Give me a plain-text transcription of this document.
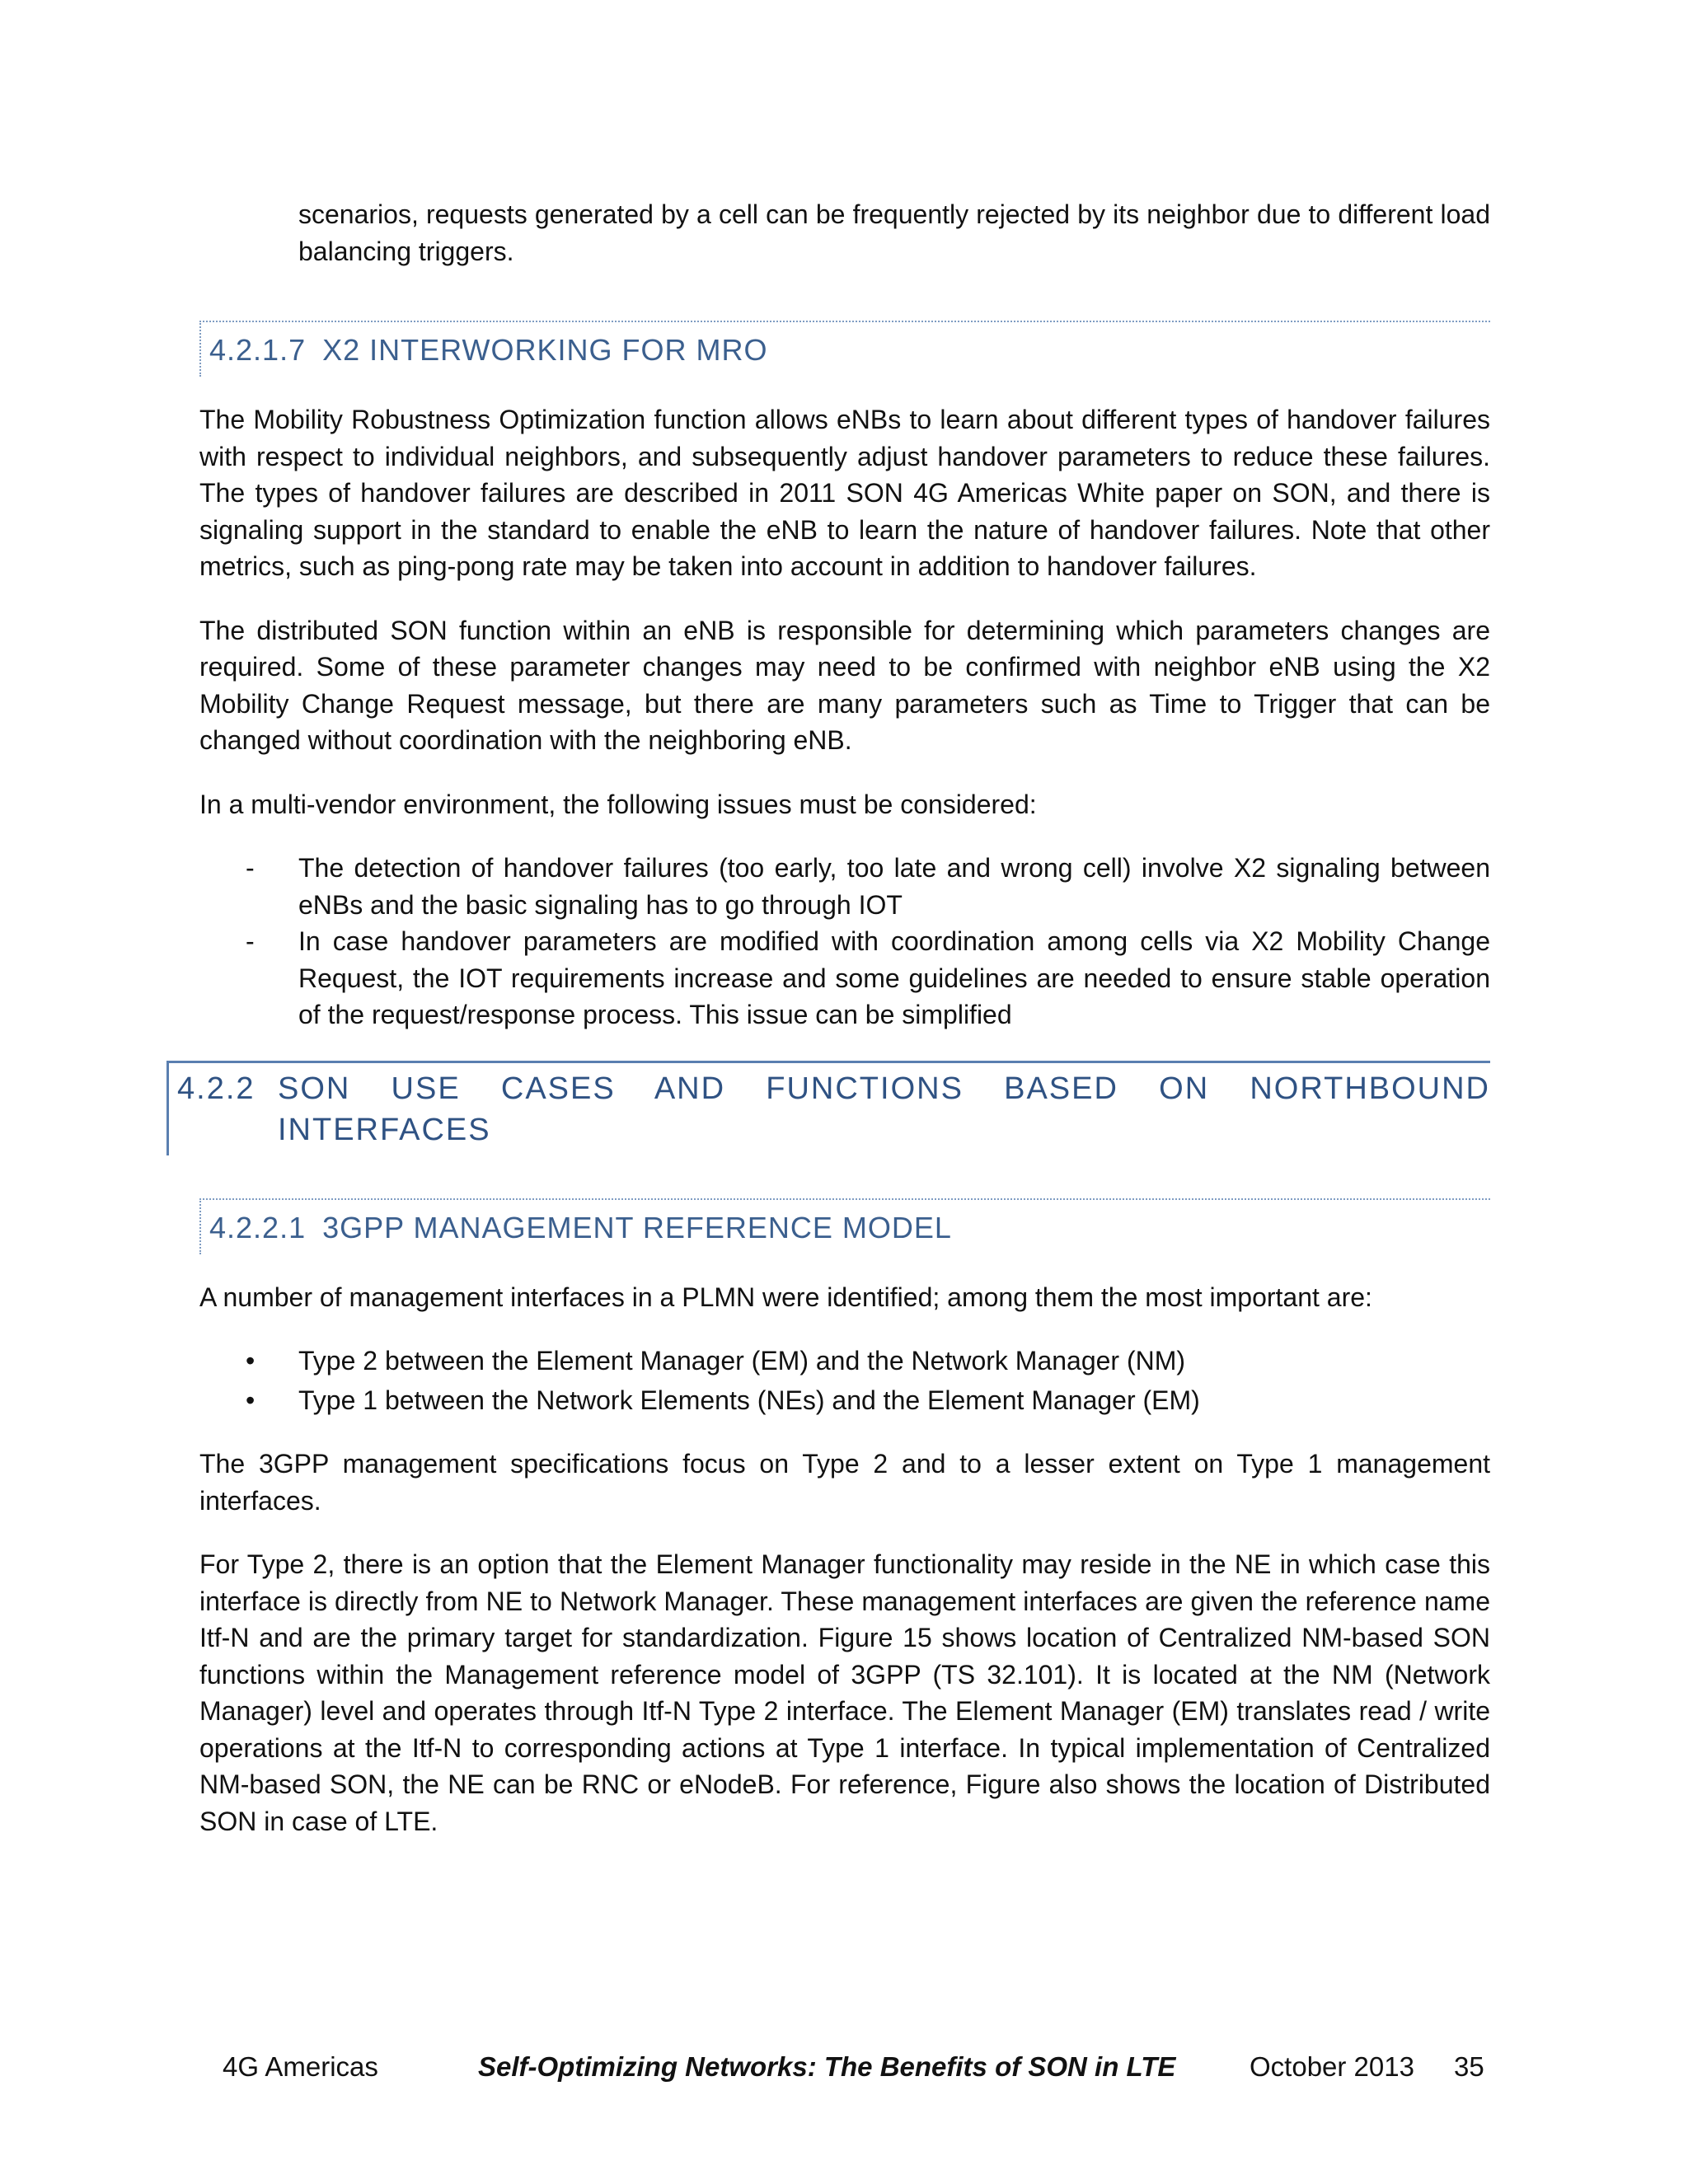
scenarios, requests generated by a cell can be frequently rejected by its neighbor due to different load balancing triggers.

4.2.1.7 X2 INTERWORKING FOR MRO

The Mobility Robustness Optimization function allows eNBs to learn about different types of handover failures with respect to individual neighbors, and subsequently adjust handover parameters to reduce these failures. The types of handover failures are described in 2011 SON 4G Americas White paper on SON, and there is signaling support in the standard to enable the eNB to learn the nature of handover failures. Note that other metrics, such as ping-pong rate may be taken into account in addition to handover failures.

The distributed SON function within an eNB is responsible for determining which parameters changes are required. Some of these parameter changes may need to be confirmed with neighbor eNB using the X2 Mobility Change Request message, but there are many parameters such as Time to Trigger that can be changed without coordination with the neighboring eNB.

In a multi-vendor environment, the following issues must be considered:

- The detection of handover failures (too early, too late and wrong cell) involve X2 signaling between eNBs and the basic signaling has to go through IOT
- In case handover parameters are modified with coordination among cells via X2 Mobility Change Request, the IOT requirements increase and some guidelines are needed to ensure stable operation of the request/response process. This issue can be simplified
4.2.2 SON USE CASES AND FUNCTIONS BASED ON NORTHBOUND INTERFACES
4.2.2.1 3GPP MANAGEMENT REFERENCE MODEL

A number of management interfaces in a PLMN were identified; among them the most important are:

• Type 2 between the Element Manager (EM) and the Network Manager (NM)
• Type 1 between the Network Elements (NEs) and the Element Manager (EM)

The 3GPP management specifications focus on Type 2 and to a lesser extent on Type 1 management interfaces.

For Type 2, there is an option that the Element Manager functionality may reside in the NE in which case this interface is directly from NE to Network Manager. These management interfaces are given the reference name Itf-N and are the primary target for standardization. Figure 15 shows location of Centralized NM-based SON functions within the Management reference model of 3GPP (TS 32.101). It is located at the NM (Network Manager) level and operates through Itf-N Type 2 interface. The Element Manager (EM) translates read / write operations at the Itf-N to corresponding actions at Type 1 interface. In typical implementation of Centralized NM-based SON, the NE can be RNC or eNodeB. For reference, Figure also shows the location of Distributed SON in case of LTE.

4G Americas	Self-Optimizing Networks: The Benefits of SON in LTE	October 2013 35
